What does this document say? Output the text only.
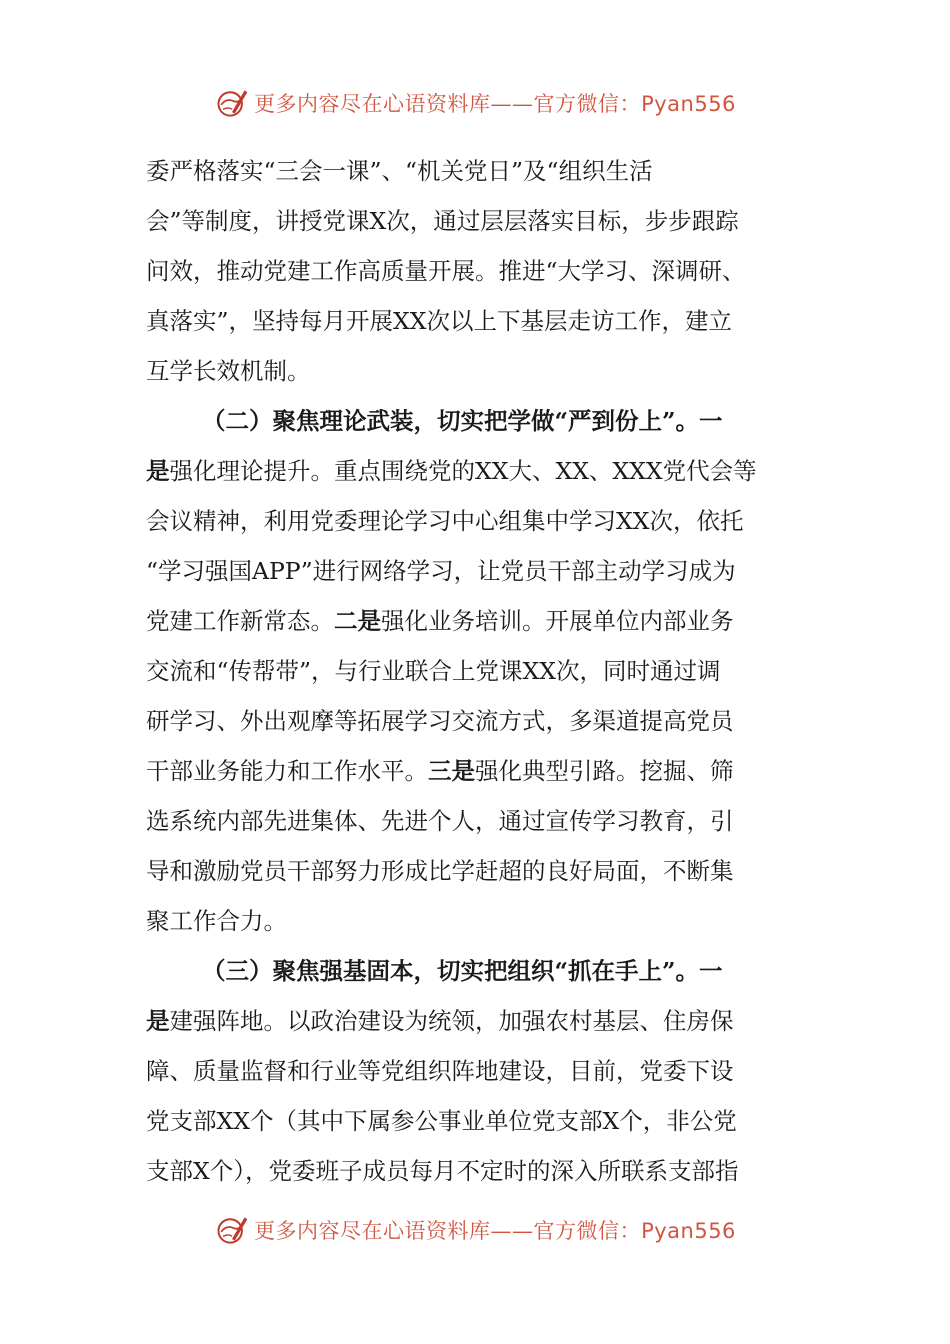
更多内容尽在心语资料库——官方微信：Pyan556
委严格落实“三会一课”、“机关党日”及“组织生活
会”等制度，讲授党课X次，通过层层落实目标，步步跟踪
问效，推动党建工作高质量开展。推进“大学习、深调研、
真落实”，坚持每月开展XX次以上下基层走访工作，建立
互学长效机制。
（二）聚焦理论武装，切实把学做“严到份上”。一
是强化理论提升。重点围绕党的XX大、XX、XXX党代会等
会议精神，利用党委理论学习中心组集中学习XX次，依托
“学习强国APP”进行网络学习，让党员干部主动学习成为
党建工作新常态。二是强化业务培训。开展单位内部业务
交流和“传帮带”，与行业联合上党课XX次，同时通过调
研学习、外出观摩等拓展学习交流方式，多渠道提高党员
干部业务能力和工作水平。三是强化典型引路。挖掘、筛
选系统内部先进集体、先进个人，通过宣传学习教育，引
导和激励党员干部努力形成比学赶超的良好局面，不断集
聚工作合力。
（三）聚焦强基固本，切实把组织“抓在手上”。一
是建强阵地。以政治建设为统领，加强农村基层、住房保
障、质量监督和行业等党组织阵地建设，目前，党委下设
党支部XX个（其中下属参公事业单位党支部X个，非公党
支部X个），党委班子成员每月不定时的深入所联系支部指
更多内容尽在心语资料库——官方微信：Pyan556
